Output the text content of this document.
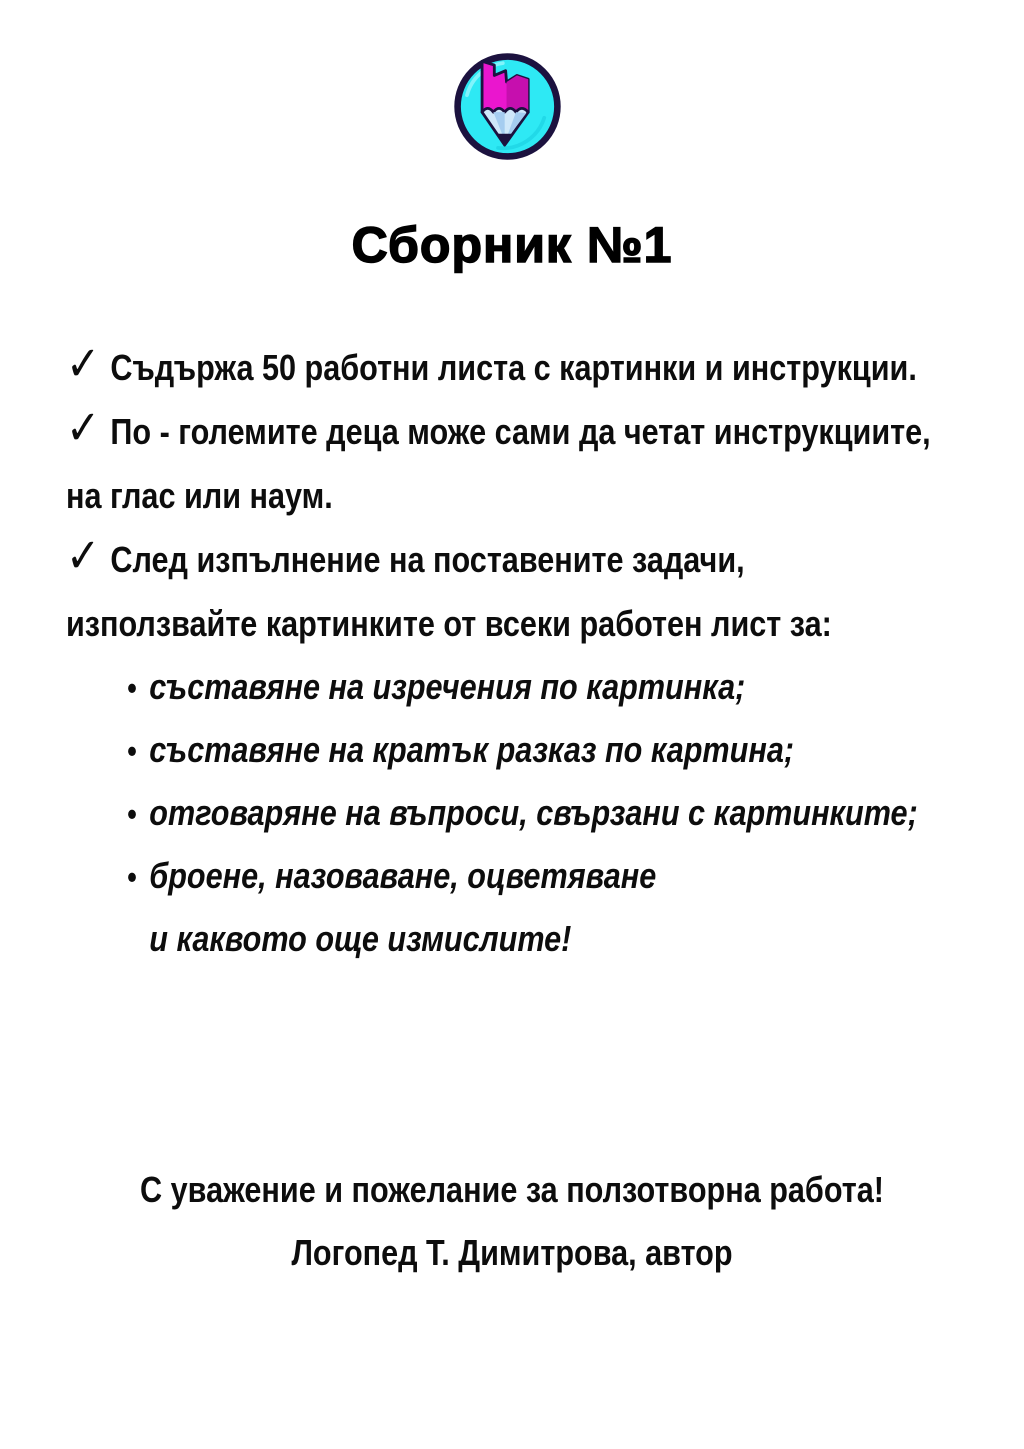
Сборник №1
✓ Съдържа 50 работни листа с картинки и инструкции.
✓ По - големите деца може сами да четат инструкциите,
на глас или наум.
✓ След изпълнение на поставените задачи,
използвайте картинките от всеки работен лист за:
• съставяне на изречения по картинка;
• съставяне на кратък разказ по картина;
• отговаряне на въпроси, свързани с картинките;
• броене, назоваване, оцветяване
и каквото още измислите!
С уважение и пожелание за ползотворна работа!
Логопед Т. Димитрова, автор
